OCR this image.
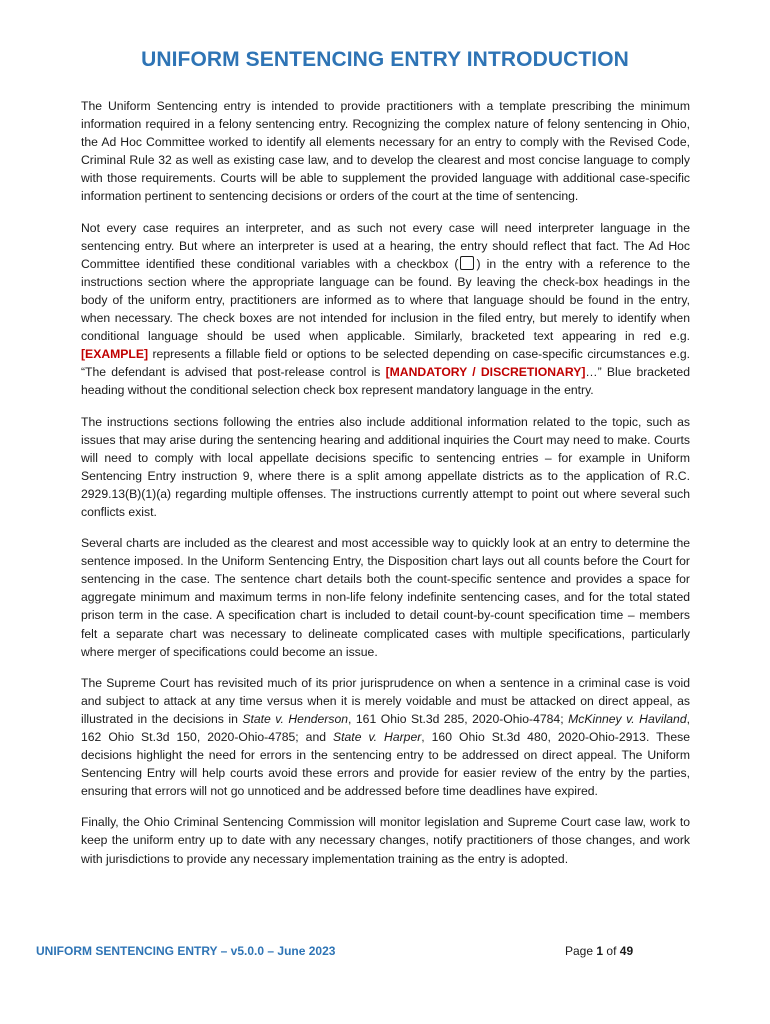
UNIFORM SENTENCING ENTRY INTRODUCTION

The Uniform Sentencing entry is intended to provide practitioners with a template prescribing the minimum information required in a felony sentencing entry. Recognizing the complex nature of felony sentencing in Ohio, the Ad Hoc Committee worked to identify all elements necessary for an entry to comply with the Revised Code, Criminal Rule 32 as well as existing case law, and to develop the clearest and most concise language to comply with those requirements. Courts will be able to supplement the provided language with additional case-specific information pertinent to sentencing decisions or orders of the court at the time of sentencing.

Not every case requires an interpreter, and as such not every case will need interpreter language in the sentencing entry. But where an interpreter is used at a hearing, the entry should reflect that fact. The Ad Hoc Committee identified these conditional variables with a checkbox ( ) in the entry with a reference to the instructions section where the appropriate language can be found. By leaving the check-box headings in the body of the uniform entry, practitioners are informed as to where that language should be found in the entry, when necessary. The check boxes are not intended for inclusion in the filed entry, but merely to identify when conditional language should be used when applicable. Similarly, bracketed text appearing in red e.g. [EXAMPLE] represents a fillable field or options to be selected depending on case-specific circumstances e.g. “The defendant is advised that post-release control is [MANDATORY / DISCRETIONARY]…” Blue bracketed heading without the conditional selection check box represent mandatory language in the entry.

The instructions sections following the entries also include additional information related to the topic, such as issues that may arise during the sentencing hearing and additional inquiries the Court may need to make. Courts will need to comply with local appellate decisions specific to sentencing entries – for example in Uniform Sentencing Entry instruction 9, where there is a split among appellate districts as to the application of R.C. 2929.13(B)(1)(a) regarding multiple offenses. The instructions currently attempt to point out where several such conflicts exist.

Several charts are included as the clearest and most accessible way to quickly look at an entry to determine the sentence imposed. In the Uniform Sentencing Entry, the Disposition chart lays out all counts before the Court for sentencing in the case. The sentence chart details both the count-specific sentence and provides a space for aggregate minimum and maximum terms in non-life felony indefinite sentencing cases, and for the total stated prison term in the case. A specification chart is included to detail count-by-count specification time – members felt a separate chart was necessary to delineate complicated cases with multiple specifications, particularly where merger of specifications could become an issue.

The Supreme Court has revisited much of its prior jurisprudence on when a sentence in a criminal case is void and subject to attack at any time versus when it is merely voidable and must be attacked on direct appeal, as illustrated in the decisions in State v. Henderson, 161 Ohio St.3d 285, 2020-Ohio-4784; McKinney v. Haviland, 162 Ohio St.3d 150, 2020-Ohio-4785; and State v. Harper, 160 Ohio St.3d 480, 2020-Ohio-2913. These decisions highlight the need for errors in the sentencing entry to be addressed on direct appeal. The Uniform Sentencing Entry will help courts avoid these errors and provide for easier review of the entry by the parties, ensuring that errors will not go unnoticed and be addressed before time deadlines have expired.

Finally, the Ohio Criminal Sentencing Commission will monitor legislation and Supreme Court case law, work to keep the uniform entry up to date with any necessary changes, notify practitioners of those changes, and work with jurisdictions to provide any necessary implementation training as the entry is adopted.

UNIFORM SENTENCING ENTRY – v5.0.0 – June 2023	Page 1 of 49
